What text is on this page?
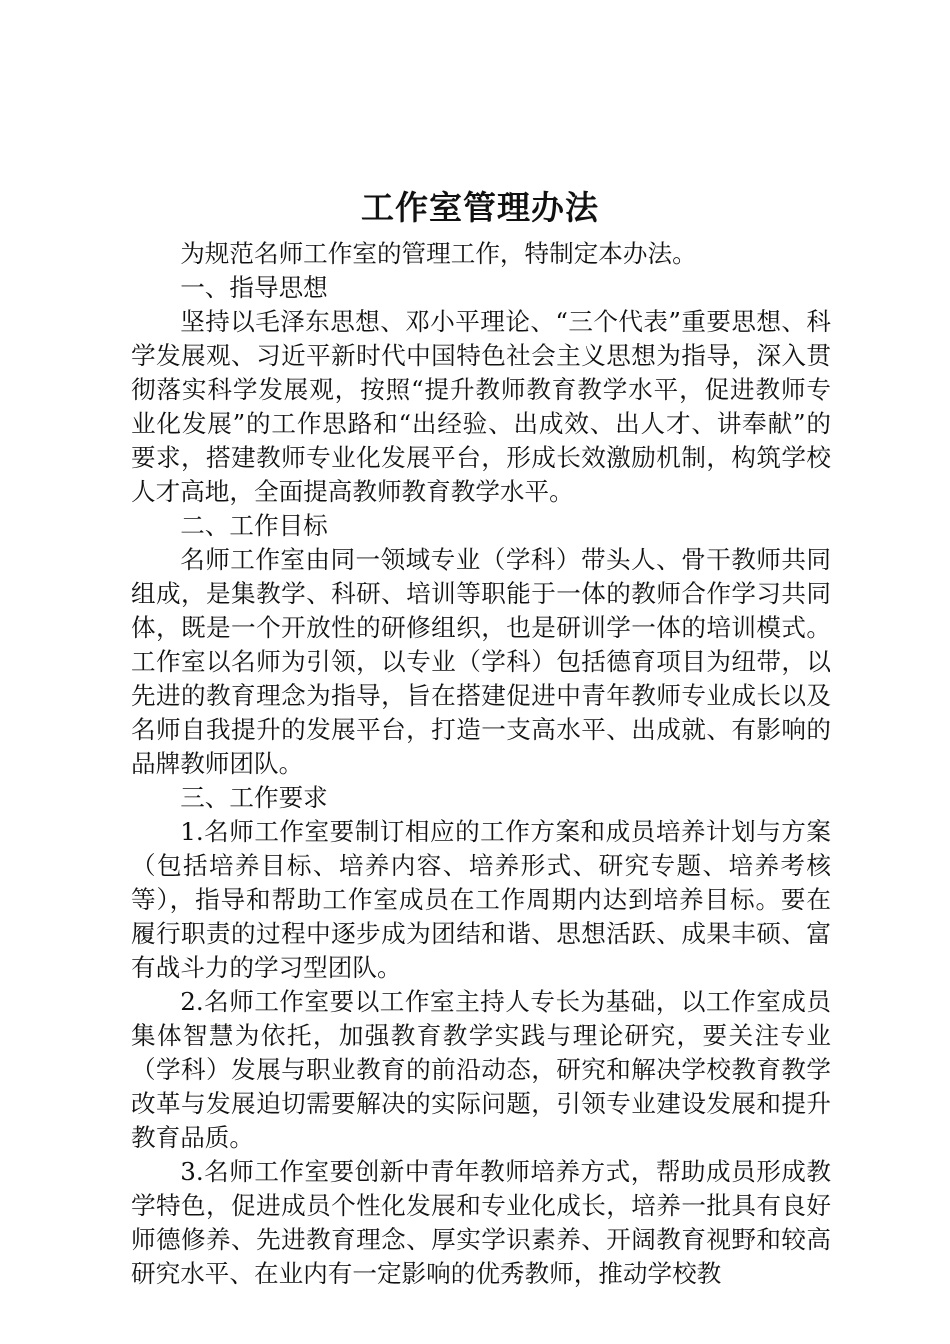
工作室管理办法

为规范名师工作室的管理工作，特制定本办法。

一、指导思想

坚持以毛泽东思想、邓小平理论、“三个代表”重要思想、科学发展观、习近平新时代中国特色社会主义思想为指导，深入贯彻落实科学发展观，按照“提升教师教育教学水平，促进教师专业化发展”的工作思路和“出经验、出成效、出人才、讲奉献”的要求，搭建教师专业化发展平台，形成长效激励机制，构筑学校人才高地，全面提高教师教育教学水平。

二、工作目标

名师工作室由同一领域专业（学科）带头人、骨干教师共同组成，是集教学、科研、培训等职能于一体的教师合作学习共同体，既是一个开放性的研修组织，也是研训学一体的培训模式。工作室以名师为引领，以专业（学科）包括德育项目为纽带，以先进的教育理念为指导，旨在搭建促进中青年教师专业成长以及名师自我提升的发展平台，打造一支高水平、出成就、有影响的品牌教师团队。

三、工作要求

1.名师工作室要制订相应的工作方案和成员培养计划与方案（包括培养目标、培养内容、培养形式、研究专题、培养考核等），指导和帮助工作室成员在工作周期内达到培养目标。要在履行职责的过程中逐步成为团结和谐、思想活跃、成果丰硕、富有战斗力的学习型团队。

2.名师工作室要以工作室主持人专长为基础，以工作室成员集体智慧为依托，加强教育教学实践与理论研究，要关注专业（学科）发展与职业教育的前沿动态，研究和解决学校教育教学改革与发展迫切需要解决的实际问题，引领专业建设发展和提升教育品质。

3.名师工作室要创新中青年教师培养方式，帮助成员形成教学特色，促进成员个性化发展和专业化成长，培养一批具有良好师德修养、先进教育理念、厚实学识素养、开阔教育视野和较高研究水平、在业内有一定影响的优秀教师，推动学校教
